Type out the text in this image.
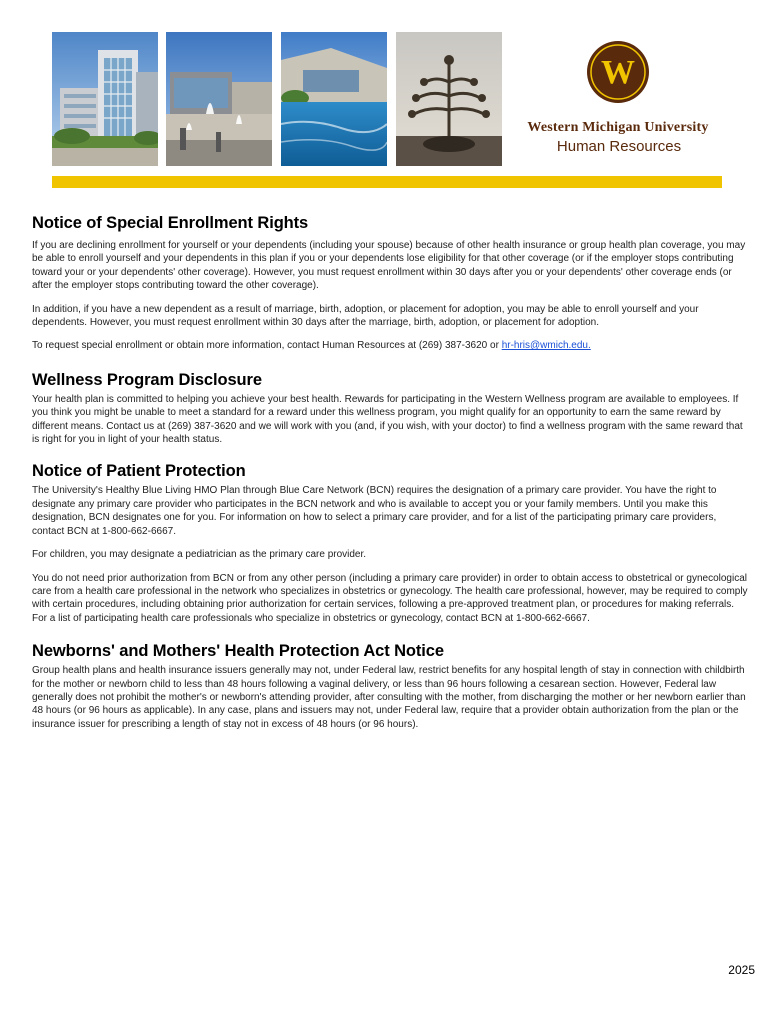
W
Western Michigan University
Human Resources
Notice of Special Enrollment Rights

If you are declining enrollment for yourself or your dependents (including your spouse) because of other health insurance or group health plan coverage, you may be able to enroll yourself and your dependents in this plan if you or your dependents lose eligibility for that other coverage (or if the employer stops contributing toward your or your dependents' other coverage). However, you must request enrollment within 30 days after you or your dependents' other coverage ends (or after the employer stops contributing toward the other coverage).

In addition, if you have a new dependent as a result of marriage, birth, adoption, or placement for adoption, you may be able to enroll yourself and your dependents. However, you must request enrollment within 30 days after the marriage, birth, adoption, or placement for adoption.

To request special enrollment or obtain more information, contact Human Resources at (269) 387-3620 or hr-hris@wmich.edu.

Wellness Program Disclosure

Your health plan is committed to helping you achieve your best health. Rewards for participating in the Western Wellness program are available to employees. If you think you might be unable to meet a standard for a reward under this wellness program, you might qualify for an opportunity to earn the same reward by different means. Contact us at (269) 387-3620 and we will work with you (and, if you wish, with your doctor) to find a wellness program with the same reward that is right for you in light of your health status.

Notice of Patient Protection

The University's Healthy Blue Living HMO Plan through Blue Care Network (BCN) requires the designation of a primary care provider. You have the right to designate any primary care provider who participates in the BCN network and who is available to accept you or your family members. Until you make this designation, BCN designates one for you. For information on how to select a primary care provider, and for a list of the participating primary care providers, contact BCN at 1-800-662-6667.

For children, you may designate a pediatrician as the primary care provider.

You do not need prior authorization from BCN or from any other person (including a primary care provider) in order to obtain access to obstetrical or gynecological care from a health care professional in the network who specializes in obstetrics or gynecology. The health care professional, however, may be required to comply with certain procedures, including obtaining prior authorization for certain services, following a pre-approved treatment plan, or procedures for making referrals. For a list of participating health care professionals who specialize in obstetrics or gynecology, contact BCN at 1-800-662-6667.

Newborns' and Mothers' Health Protection Act Notice

Group health plans and health insurance issuers generally may not, under Federal law, restrict benefits for any hospital length of stay in connection with childbirth for the mother or newborn child to less than 48 hours following a vaginal delivery, or less than 96 hours following a cesarean section. However, Federal law generally does not prohibit the mother's or newborn's attending provider, after consulting with the mother, from discharging the mother or her newborn earlier than 48 hours (or 96 hours as applicable). In any case, plans and issuers may not, under Federal law, require that a provider obtain authorization from the plan or the insurance issuer for prescribing a length of stay not in excess of 48 hours (or 96 hours).

2025
